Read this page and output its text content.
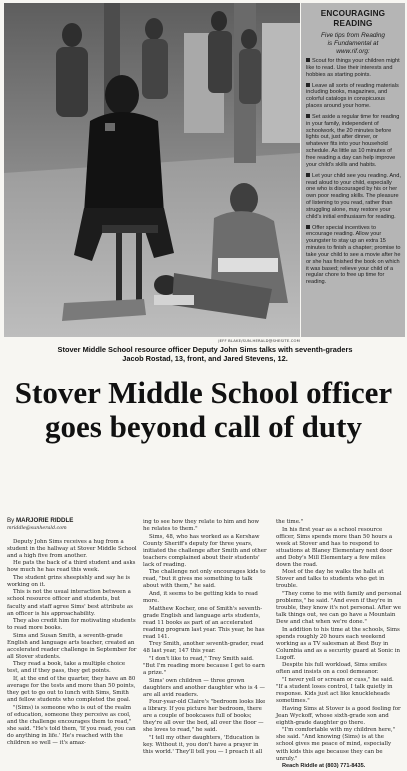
JEFF BLAKE/SUN-HERALD@SHESITE.COM
ENCOURAGING
READING
Five tips from Reading
is Fundamental at
www.rif.org:
Scout for things your children might like to read. Use their interests and hobbies as starting points.
Leave all sorts of reading materials including books, magazines, and colorful catalogs in conspicuous places around your home.
Set aside a regular time for reading in your family, independent of schoolwork, the 20 minutes before lights out, just after dinner, or whatever fits into your household schedule. As little as 10 minutes of free reading a day can help improve your child's skills and habits.
Let your child see you reading. And, read aloud to your child, especially one who is discouraged by his or her own poor reading skills. The pleasure of listening to you read, rather than struggling alone, may restore your child's initial enthusiasm for reading.
Offer special incentives to encourage reading. Allow your youngster to stay up an extra 15 minutes to finish a chapter; promise to take your child to see a movie after he or she has finished the book on which it was based; relieve your child of a regular chore to free up time for reading.
Stover Middle School resource officer Deputy John Sims talks with seventh-graders
Jacob Rostad, 13, front, and Jared Stevens, 12.
Stover Middle School officer
goes beyond call of duty

By MARJORIE RIDDLE

mriddle@sunherald.com

Deputy John Sims receives a hug from a student in the hallway at Stover Middle School and a high five from another.

He pats the back of a third student and asks how much he has read this week.

The student grins sheepishly and say he is working on it.

This is not the usual interaction between a school resource officer and students, but faculty and staff agree Sims' best attribute as an officer is his approachability.

They also credit him for motivating students to read more books.

Sims and Susan Smith, a seventh-grade English and language arts teacher, created an accelerated reader challenge in September for all Stover students.

They read a book, take a multiple choice test, and if they pass, they get points.

If, at the end of the quarter, they have an 80 average for the tests and more than 50 points, they get to go out to lunch with Sims, Smith and fellow students who completed the goal.

"(Sims) is someone who is out of the realm of education, someone they perceive as cool, and the challenge encourages them to read," she said. "He's told them, 'If you read, you can do anything in life.' He's reached with the children so well — it's amaz-

ing to see how they relate to him and how he relates to them."

Sims, 48, who has worked as a Kershaw County Sheriff's deputy for three years, initiated the challenge after Smith and other teachers complained about their students' lack of reading.

The challenge not only encourages kids to read, "but it gives me something to talk about with them," he said.

And, it seems to be getting kids to read more.

Matthew Kocher, one of Smith's seventh-grade English and language arts students, read 11 books as part of an accelerated reading program last year. This year, he has read 141.

Trey Smith, another seventh-grader, read 48 last year, 147 this year.

"I don't like to read," Trey Smith said. "But I'm reading more because I get to earn a prize."

Sims' own children — three grown daughters and another daughter who is 4 — are all avid readers.

Four-year-old Claire's "bedroom looks like a library. If you picture her bedroom, there are a couple of bookcases full of books; they're all over the bed, all over the floor — she loves to read," he said.

"I tell my other daughters, 'Education is key. Without it, you don't have a prayer in this world.' They'll tell you — I preach it all

the time."

In his first year as a school resource officer, Sims spends more than 50 hours a week at Stover and has to respond to situations at Blaney Elementary next door and Doby's Mill Elementary a few miles down the road.

Most of the day he walks the halls at Stover and talks to students who get in trouble.

"They come to me with family and personal problems," he said. "And even if they're in trouble, they know it's not personal. After we talk things out, we can go have a Mountain Dew and chat when we're done."

In addition to his time at the schools, Sims spends roughly 20 hours each weekend working as a TV salesman at Best Buy in Columbia and as a security guard at Sonic in Lugoff.

Despite his full workload, Sims smiles often and insists on a cool demeanor.

"I never yell or scream or cuss," he said. "If a student loses control, I talk quietly in response. Kids just act like knuckleheads sometimes."

Having Sims at Stover is a good feeling for Jean Wyckoff, whose sixth-grade son and eighth-grade daughter go there.

"I'm comfortable with my children here," she said. "And knowing (Sims) is at the school gives me peace of mind, especially with kids this age because they can be unruly."

Reach Riddle at (803) 771-8435.
